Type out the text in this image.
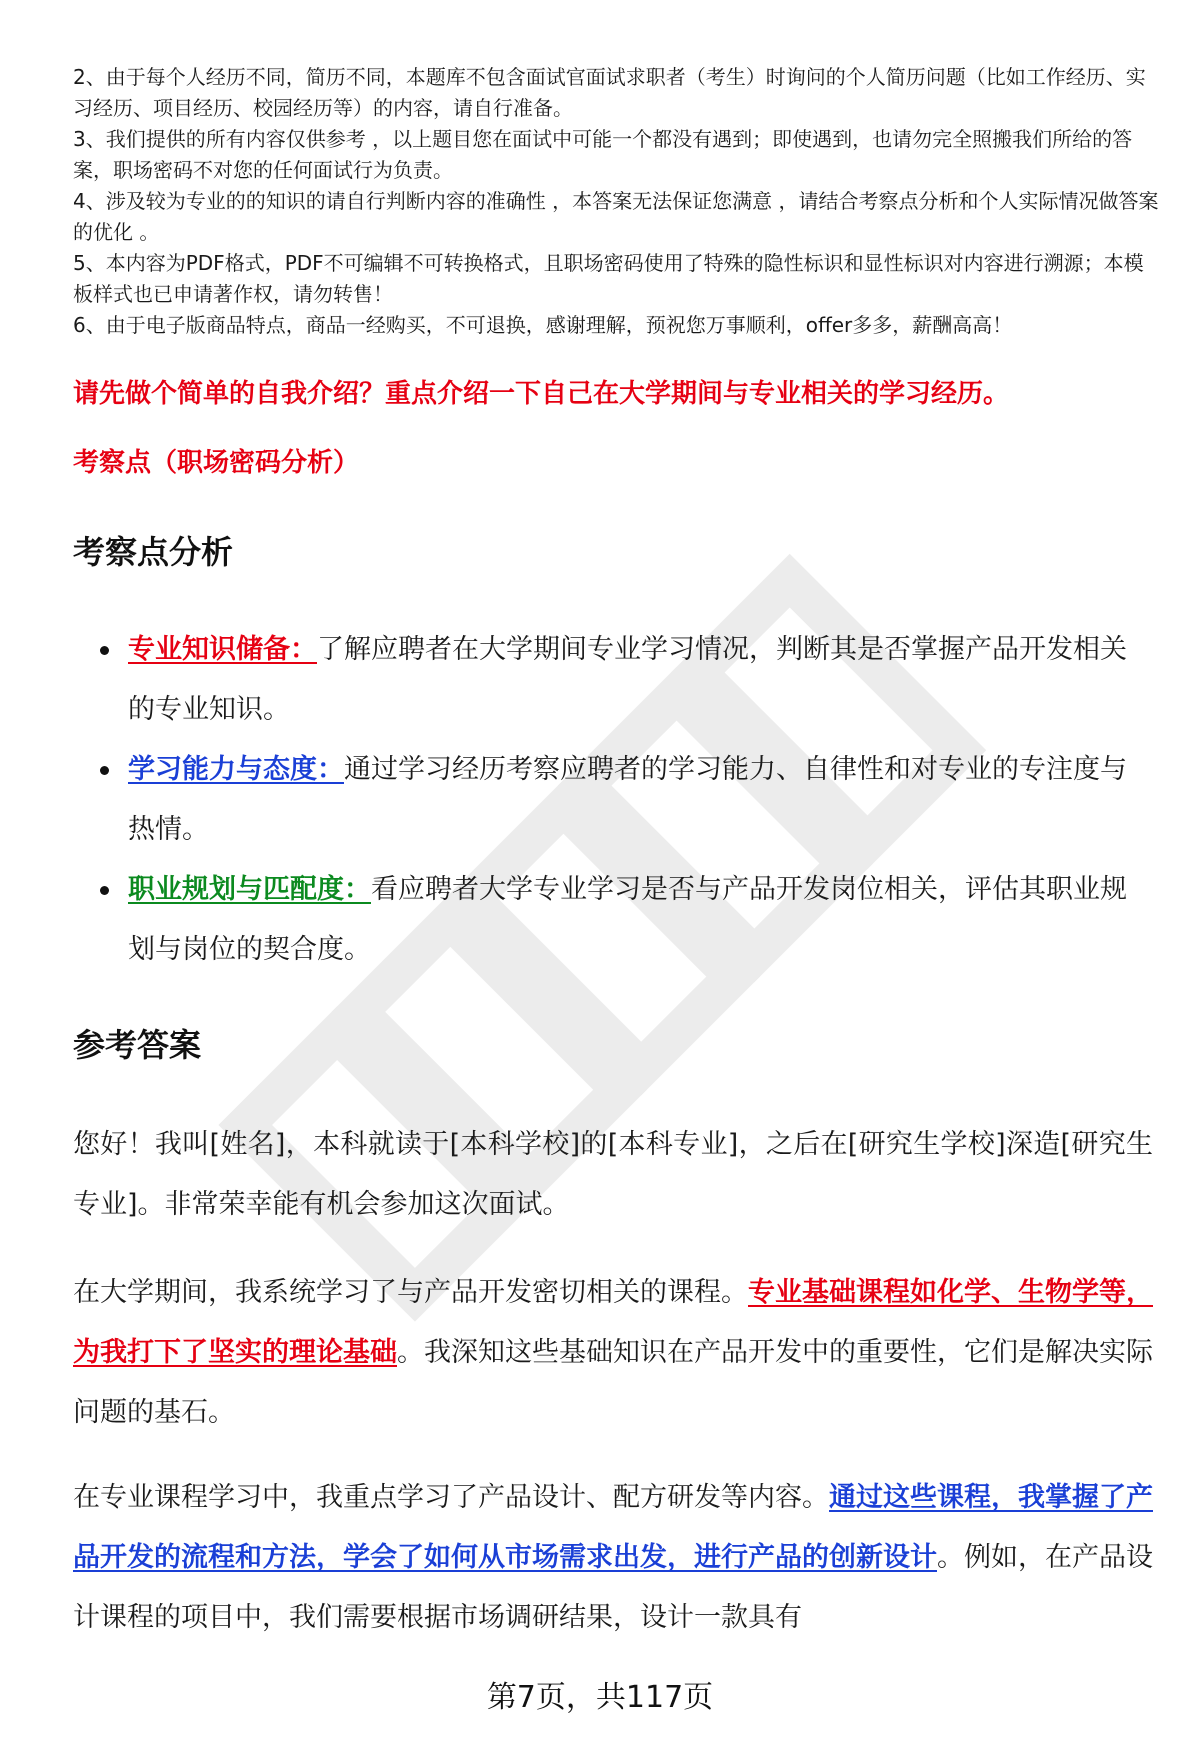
2、由于每个人经历不同，简历不同，本题库不包含面试官面试求职者（考生）时询问的个人简历问题（比如工作经历、实习经历、项目经历、校园经历等）的内容，请自行准备。

3、我们提供的所有内容仅供参考 ，以上题目您在面试中可能一个都没有遇到；即使遇到，也请勿完全照搬我们所给的答案，职场密码不对您的任何面试行为负责。

4、涉及较为专业的的知识的请自行判断内容的准确性 ，本答案无法保证您满意 ，请结合考察点分析和个人实际情况做答案的优化 。

5、本内容为PDF格式，PDF不可编辑不可转换格式，且职场密码使用了特殊的隐性标识和显性标识对内容进行溯源；本模板样式也已申请著作权，请勿转售！

6、由于电子版商品特点，商品一经购买，不可退换，感谢理解，预祝您万事顺利，offer多多，薪酬高高！

请先做个简单的自我介绍？重点介绍一下自己在大学期间与专业相关的学习经历。

考察点（职场密码分析）

考察点分析
专业知识储备：了解应聘者在大学期间专业学习情况，判断其是否掌握产品开发相关的专业知识。
学习能力与态度：通过学习经历考察应聘者的学习能力、自律性和对专业的专注度与热情。
职业规划与匹配度：看应聘者大学专业学习是否与产品开发岗位相关，评估其职业规划与岗位的契合度。
参考答案

您好！我叫[姓名]，本科就读于[本科学校]的[本科专业]，之后在[研究生学校]深造[研究生专业]。非常荣幸能有机会参加这次面试。

在大学期间，我系统学习了与产品开发密切相关的课程。专业基础课程如化学、生物学等，为我打下了坚实的理论基础。我深知这些基础知识在产品开发中的重要性，它们是解决实际问题的基石。

在专业课程学习中，我重点学习了产品设计、配方研发等内容。通过这些课程，我掌握了产品开发的流程和方法，学会了如何从市场需求出发，进行产品的创新设计。例如，在产品设计课程的项目中，我们需要根据市场调研结果，设计一款具有

第7页，共117页
